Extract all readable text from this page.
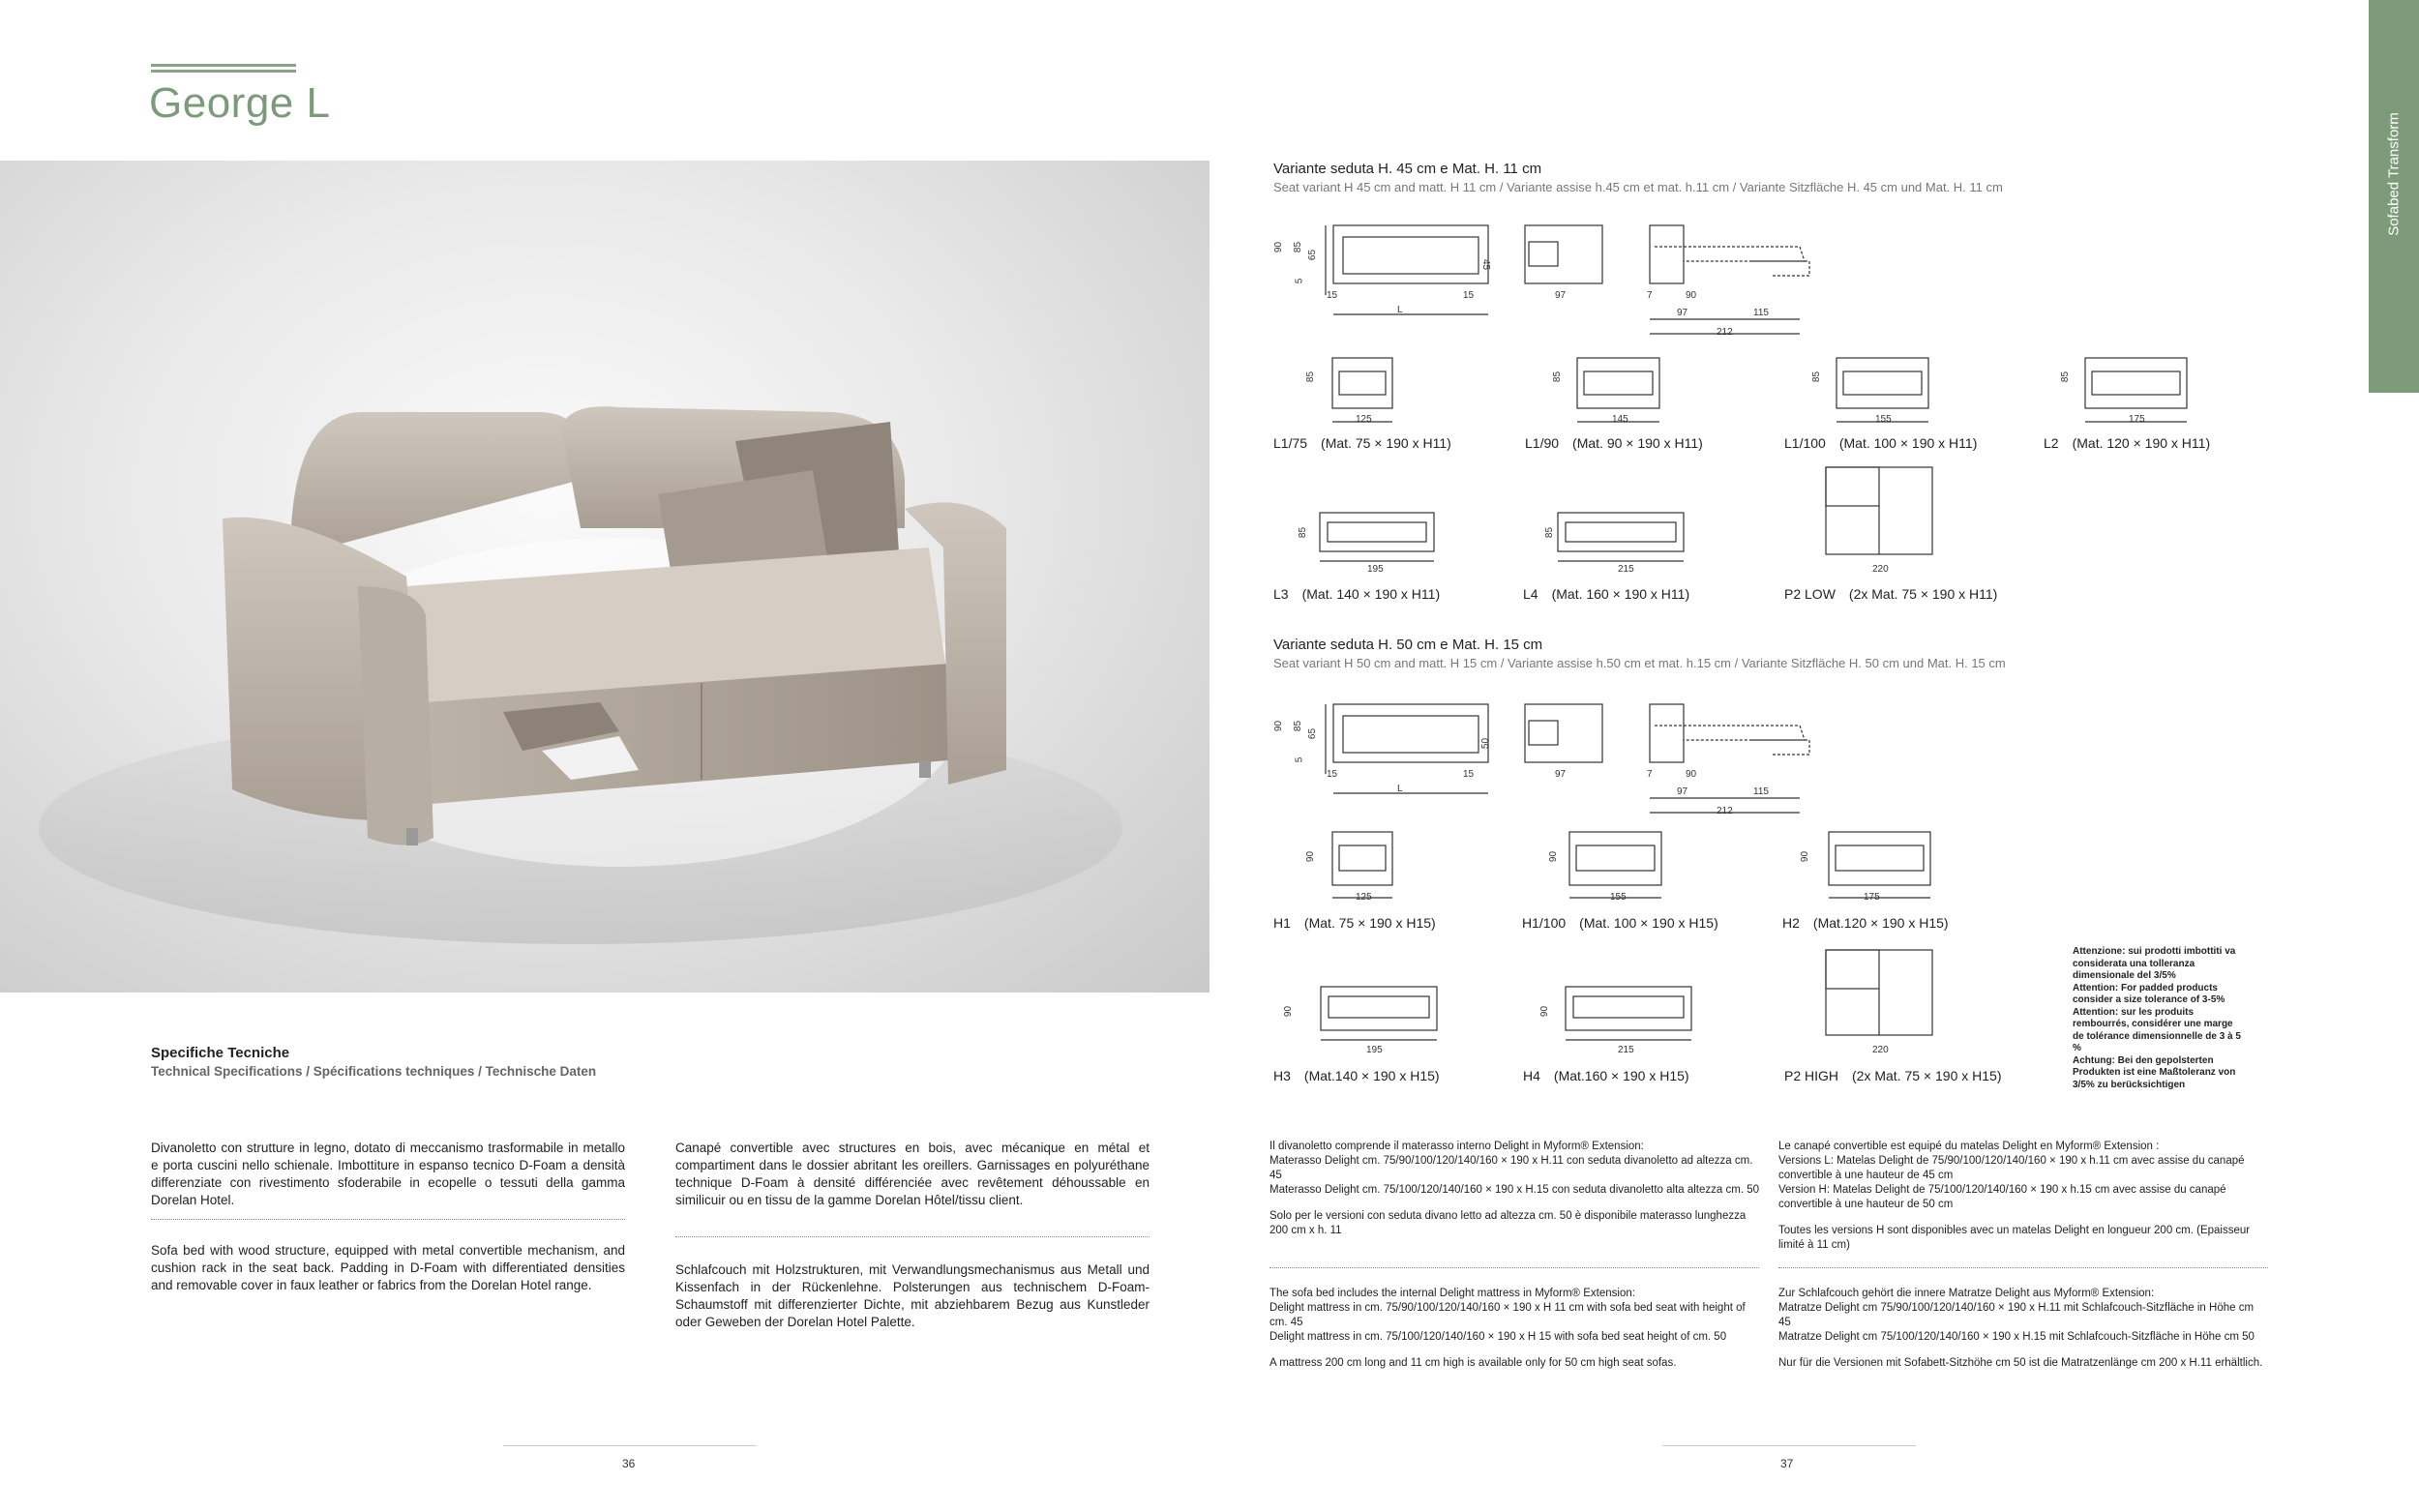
George L
Sofabed Transform
Specifiche Tecniche
Technical Specifications / Spécifications techniques / Technische Daten
Variante seduta H. 45 cm e Mat. H. 11 cm
Seat variant H 45 cm and matt. H 11 cm / Variante assise h.45 cm et mat. h.11 cm / Variante Sitzfläche H. 45 cm und Mat. H. 11 cm
90 85
65
5
15	15
L
45
97	7	90
97	115
212
85
125
85
145
85
155
85
175
L1/75 (Mat. 75 × 190 x H11)	L1/90 (Mat. 90 × 190 x H11)	L1/100 (Mat. 100 × 190 x H11)	L2 (Mat. 120 × 190 x H11)
85
195
85
215	220
L3 (Mat. 140 × 190 x H11)	L4 (Mat. 160 × 190 x H11)	P2 LOW (2x Mat. 75 × 190 x H11)
Variante seduta H. 50 cm e Mat. H. 15 cm
Seat variant H 50 cm and matt. H 15 cm / Variante assise h.50 cm et mat. h.15 cm / Variante Sitzfläche H. 50 cm und Mat. H. 15 cm
90 85
65
5
15	15
L
50
97	7	90
97	115
212
90
125
90
155
90
175
H1 (Mat. 75 × 190 x H15)	H1/100 (Mat. 100 × 190 x H15)	H2 (Mat.120 × 190 x H15)
90
195
90
215	220
H3 (Mat.140 × 190 x H15)	H4 (Mat.160 × 190 x H15)	P2 HIGH (2x Mat. 75 × 190 x H15)
Attenzione: sui prodotti imbottiti va considerata una tolleranza dimensionale del 3/5%
Attention: For padded products consider a size tolerance of 3-5%
Attention: sur les produits rembourrés, considérer une marge de tolérance dimensionnelle de 3 à 5 %
Achtung: Bei den gepolsterten Produkten ist eine Maßtoleranz von 3/5% zu berücksichtigen
Divanoletto con strutture in legno, dotato di meccanismo trasformabile in metallo e porta cuscini nello schienale. Imbottiture in espanso tecnico D-Foam a densità differenziate con rivestimento sfoderabile in ecopelle o tessuti della gamma Dorelan Hotel.
Sofa bed with wood structure, equipped with metal convertible mechanism, and cushion rack in the seat back. Padding in D-Foam with differentiated densities and removable cover in faux leather or fabrics from the Dorelan Hotel range.
Canapé convertible avec structures en bois, avec mécanique en métal et compartiment dans le dossier abritant les oreillers. Garnissages en polyuréthane technique D-Foam à densité différenciée avec revêtement déhoussable en similicuir ou en tissu de la gamme Dorelan Hôtel/tissu client.
Schlafcouch mit Holzstrukturen, mit Verwandlungsmechanismus aus Metall und Kissenfach in der Rückenlehne. Polsterungen aus technischem D-Foam-Schaumstoff mit differenzierter Dichte, mit abziehbarem Bezug aus Kunstleder oder Geweben der Dorelan Hotel Palette.
Il divanoletto comprende il materasso interno Delight in Myform® Extension:
Materasso Delight cm. 75/90/100/120/140/160 × 190 x H.11 con seduta divanoletto ad altezza cm. 45
Materasso Delight cm. 75/100/120/140/160 × 190 x H.15 con seduta divanoletto alta altezza cm. 50
Solo per le versioni con seduta divano letto ad altezza cm. 50 è disponibile materasso lunghezza 200 cm x h. 11
The sofa bed includes the internal Delight mattress in Myform® Extension:
Delight mattress in cm. 75/90/100/120/140/160 × 190 x H 11 cm with sofa bed seat with height of cm. 45
Delight mattress in cm. 75/100/120/140/160 × 190 x H 15 with sofa bed seat height of cm. 50
A mattress 200 cm long and 11 cm high is available only for 50 cm high seat sofas.
Le canapé convertible est equipé du matelas Delight en Myform® Extension :
Versions L: Matelas Delight de 75/90/100/120/140/160 × 190 x h.11 cm avec assise du canapé convertible à une hauteur de 45 cm
Version H: Matelas Delight de 75/100/120/140/160 × 190 x h.15 cm avec assise du canapé convertible à une hauteur de 50 cm
Toutes les versions H sont disponibles avec un matelas Delight en longueur 200 cm. (Epaisseur limité à 11 cm)
Zur Schlafcouch gehört die innere Matratze Delight aus Myform® Extension:
Matratze Delight cm 75/90/100/120/140/160 × 190 x H.11 mit Schlafcouch-Sitzfläche in Höhe cm 45
Matratze Delight cm 75/100/120/140/160 × 190 x H.15 mit Schlafcouch-Sitzfläche in Höhe cm 50
Nur für die Versionen mit Sofabett-Sitzhöhe cm 50 ist die Matratzenlänge cm 200 x H.11 erhältlich.
36	37
